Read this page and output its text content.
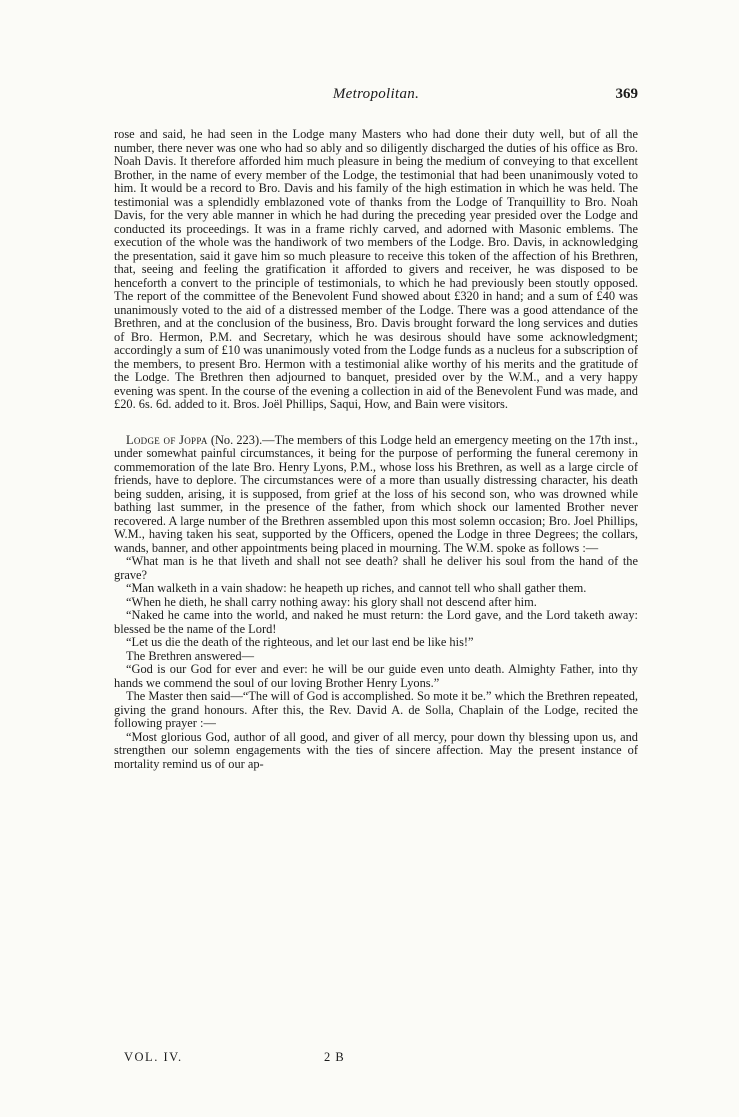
Metropolitan.	369

rose and said, he had seen in the Lodge many Masters who had done their duty well, but of all the number, there never was one who had so ably and so diligently discharged the duties of his office as Bro. Noah Davis. It therefore afforded him much pleasure in being the medium of conveying to that excellent Brother, in the name of every member of the Lodge, the testimonial that had been unanimously voted to him. It would be a record to Bro. Davis and his family of the high estimation in which he was held. The testimonial was a splendidly emblazoned vote of thanks from the Lodge of Tranquillity to Bro. Noah Davis, for the very able manner in which he had during the preceding year presided over the Lodge and conducted its proceedings. It was in a frame richly carved, and adorned with Masonic emblems. The execution of the whole was the handiwork of two members of the Lodge. Bro. Davis, in acknowledging the presentation, said it gave him so much pleasure to receive this token of the affection of his Brethren, that, seeing and feeling the gratification it afforded to givers and receiver, he was disposed to be henceforth a convert to the principle of testimonials, to which he had previously been stoutly opposed. The report of the committee of the Benevolent Fund showed about £320 in hand; and a sum of £40 was unanimously voted to the aid of a distressed member of the Lodge. There was a good attendance of the Brethren, and at the conclusion of the business, Bro. Davis brought forward the long services and duties of Bro. Hermon, P.M. and Secretary, which he was desirous should have some acknowledgment; accordingly a sum of £10 was unanimously voted from the Lodge funds as a nucleus for a subscription of the members, to present Bro. Hermon with a testimonial alike worthy of his merits and the gratitude of the Lodge. The Brethren then adjourned to banquet, presided over by the W.M., and a very happy evening was spent. In the course of the evening a collection in aid of the Benevolent Fund was made, and £20. 6s. 6d. added to it. Bros. Joël Phillips, Saqui, How, and Bain were visitors.

Lodge of Joppa (No. 223).—The members of this Lodge held an emergency meeting on the 17th inst., under somewhat painful circumstances, it being for the purpose of performing the funeral ceremony in commemoration of the late Bro. Henry Lyons, P.M., whose loss his Brethren, as well as a large circle of friends, have to deplore. The circumstances were of a more than usually distressing character, his death being sudden, arising, it is supposed, from grief at the loss of his second son, who was drowned while bathing last summer, in the presence of the father, from which shock our lamented Brother never recovered. A large number of the Brethren assembled upon this most solemn occasion; Bro. Joel Phillips, W.M., having taken his seat, supported by the Officers, opened the Lodge in three Degrees; the collars, wands, banner, and other appointments being placed in mourning. The W.M. spoke as follows :—

“What man is he that liveth and shall not see death? shall he deliver his soul from the hand of the grave?

“Man walketh in a vain shadow: he heapeth up riches, and cannot tell who shall gather them.

“When he dieth, he shall carry nothing away: his glory shall not descend after him.

“Naked he came into the world, and naked he must return: the Lord gave, and the Lord taketh away: blessed be the name of the Lord!

“Let us die the death of the righteous, and let our last end be like his!”

The Brethren answered—

“God is our God for ever and ever: he will be our guide even unto death. Almighty Father, into thy hands we commend the soul of our loving Brother Henry Lyons.”

The Master then said—“The will of God is accomplished. So mote it be.” which the Brethren repeated, giving the grand honours. After this, the Rev. David A. de Solla, Chaplain of the Lodge, recited the following prayer :—

“Most glorious God, author of all good, and giver of all mercy, pour down thy blessing upon us, and strengthen our solemn engagements with the ties of sincere affection. May the present instance of mortality remind us of our ap-

VOL. IV.	2 B
